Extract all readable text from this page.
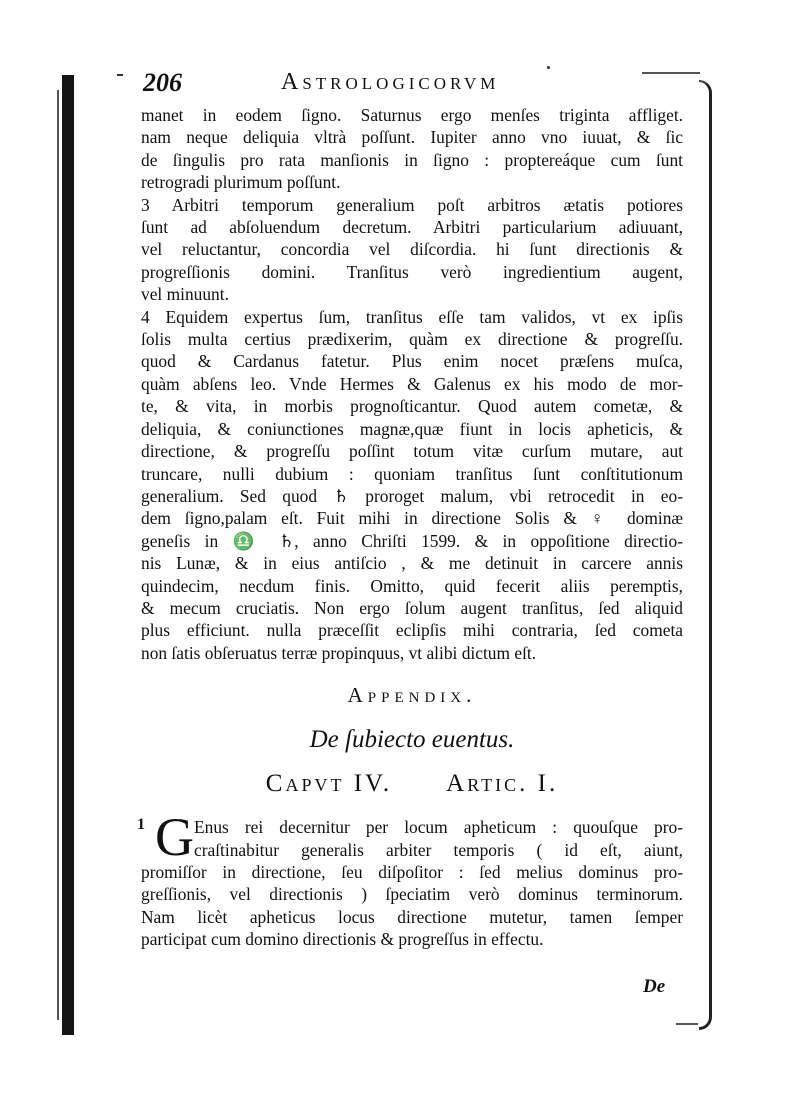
206	Astrologicorvm

manet in eodem ſigno. Saturnus ergo menſes triginta affliget.

nam neque deliquia vltrà poſſunt. Iupiter anno vno iuuat, & ſic

de ſingulis pro rata manſionis in ſigno : proptereáque cum ſunt

retrogradi plurimum poſſunt.

3 Arbitri temporum generalium poſt arbitros ætatis potiores

ſunt ad abſoluendum decretum. Arbitri particularium adiuuant,

vel reluctantur, concordia vel diſcordia. hi ſunt directionis &

progreſſionis domini. Tranſitus verò ingredientium augent,

vel minuunt.

4 Equidem expertus ſum, tranſitus eſſe tam validos, vt ex ipſis

ſolis multa certius prædixerim, quàm ex directione & progreſſu.

quod & Cardanus fatetur. Plus enim nocet præſens muſca,

quàm abſens leo. Vnde Hermes & Galenus ex his modo de mor-

te, & vita, in morbis prognoſticantur. Quod autem cometæ, &

deliquia, & coniunctiones magnæ,quæ fiunt in locis apheticis, &

directione, & progreſſu poſſint totum vitæ curſum mutare, aut

truncare, nulli dubium : quoniam tranſitus ſunt conſtitutionum

generalium. Sed quod ♄ proroget malum, vbi retrocedit in eo-

dem ſigno,palam eſt. Fuit mihi in directione Solis & ♀ dominæ

geneſis in ♎ ♄, anno Chriſti 1599. & in oppoſitione directio-

nis Lunæ, & in eius antiſcio , & me detinuit in carcere annis

quindecim, necdum finis. Omitto, quid fecerit aliis peremptis,

& mecum cruciatis. Non ergo ſolum augent tranſitus, ſed aliquid

plus efficiunt. nulla præceſſit eclipſis mihi contraria, ſed cometa

non ſatis obſeruatus terræ propinquus, vt alibi dictum eſt.

Appendix.
De ſubiecto euentus.
Capvt IV. Artic. I.
1 G Enus rei decernitur per locum apheticum : quouſque pro-

craſtinabitur generalis arbiter temporis ( id eſt, aiunt,

promiſſor in directione, ſeu diſpoſitor : ſed melius dominus pro-

greſſionis, vel directionis ) ſpeciatim verò dominus terminorum.

Nam licèt apheticus locus directione mutetur, tamen ſemper

participat cum domino directionis & progreſſus in effectu.

De
